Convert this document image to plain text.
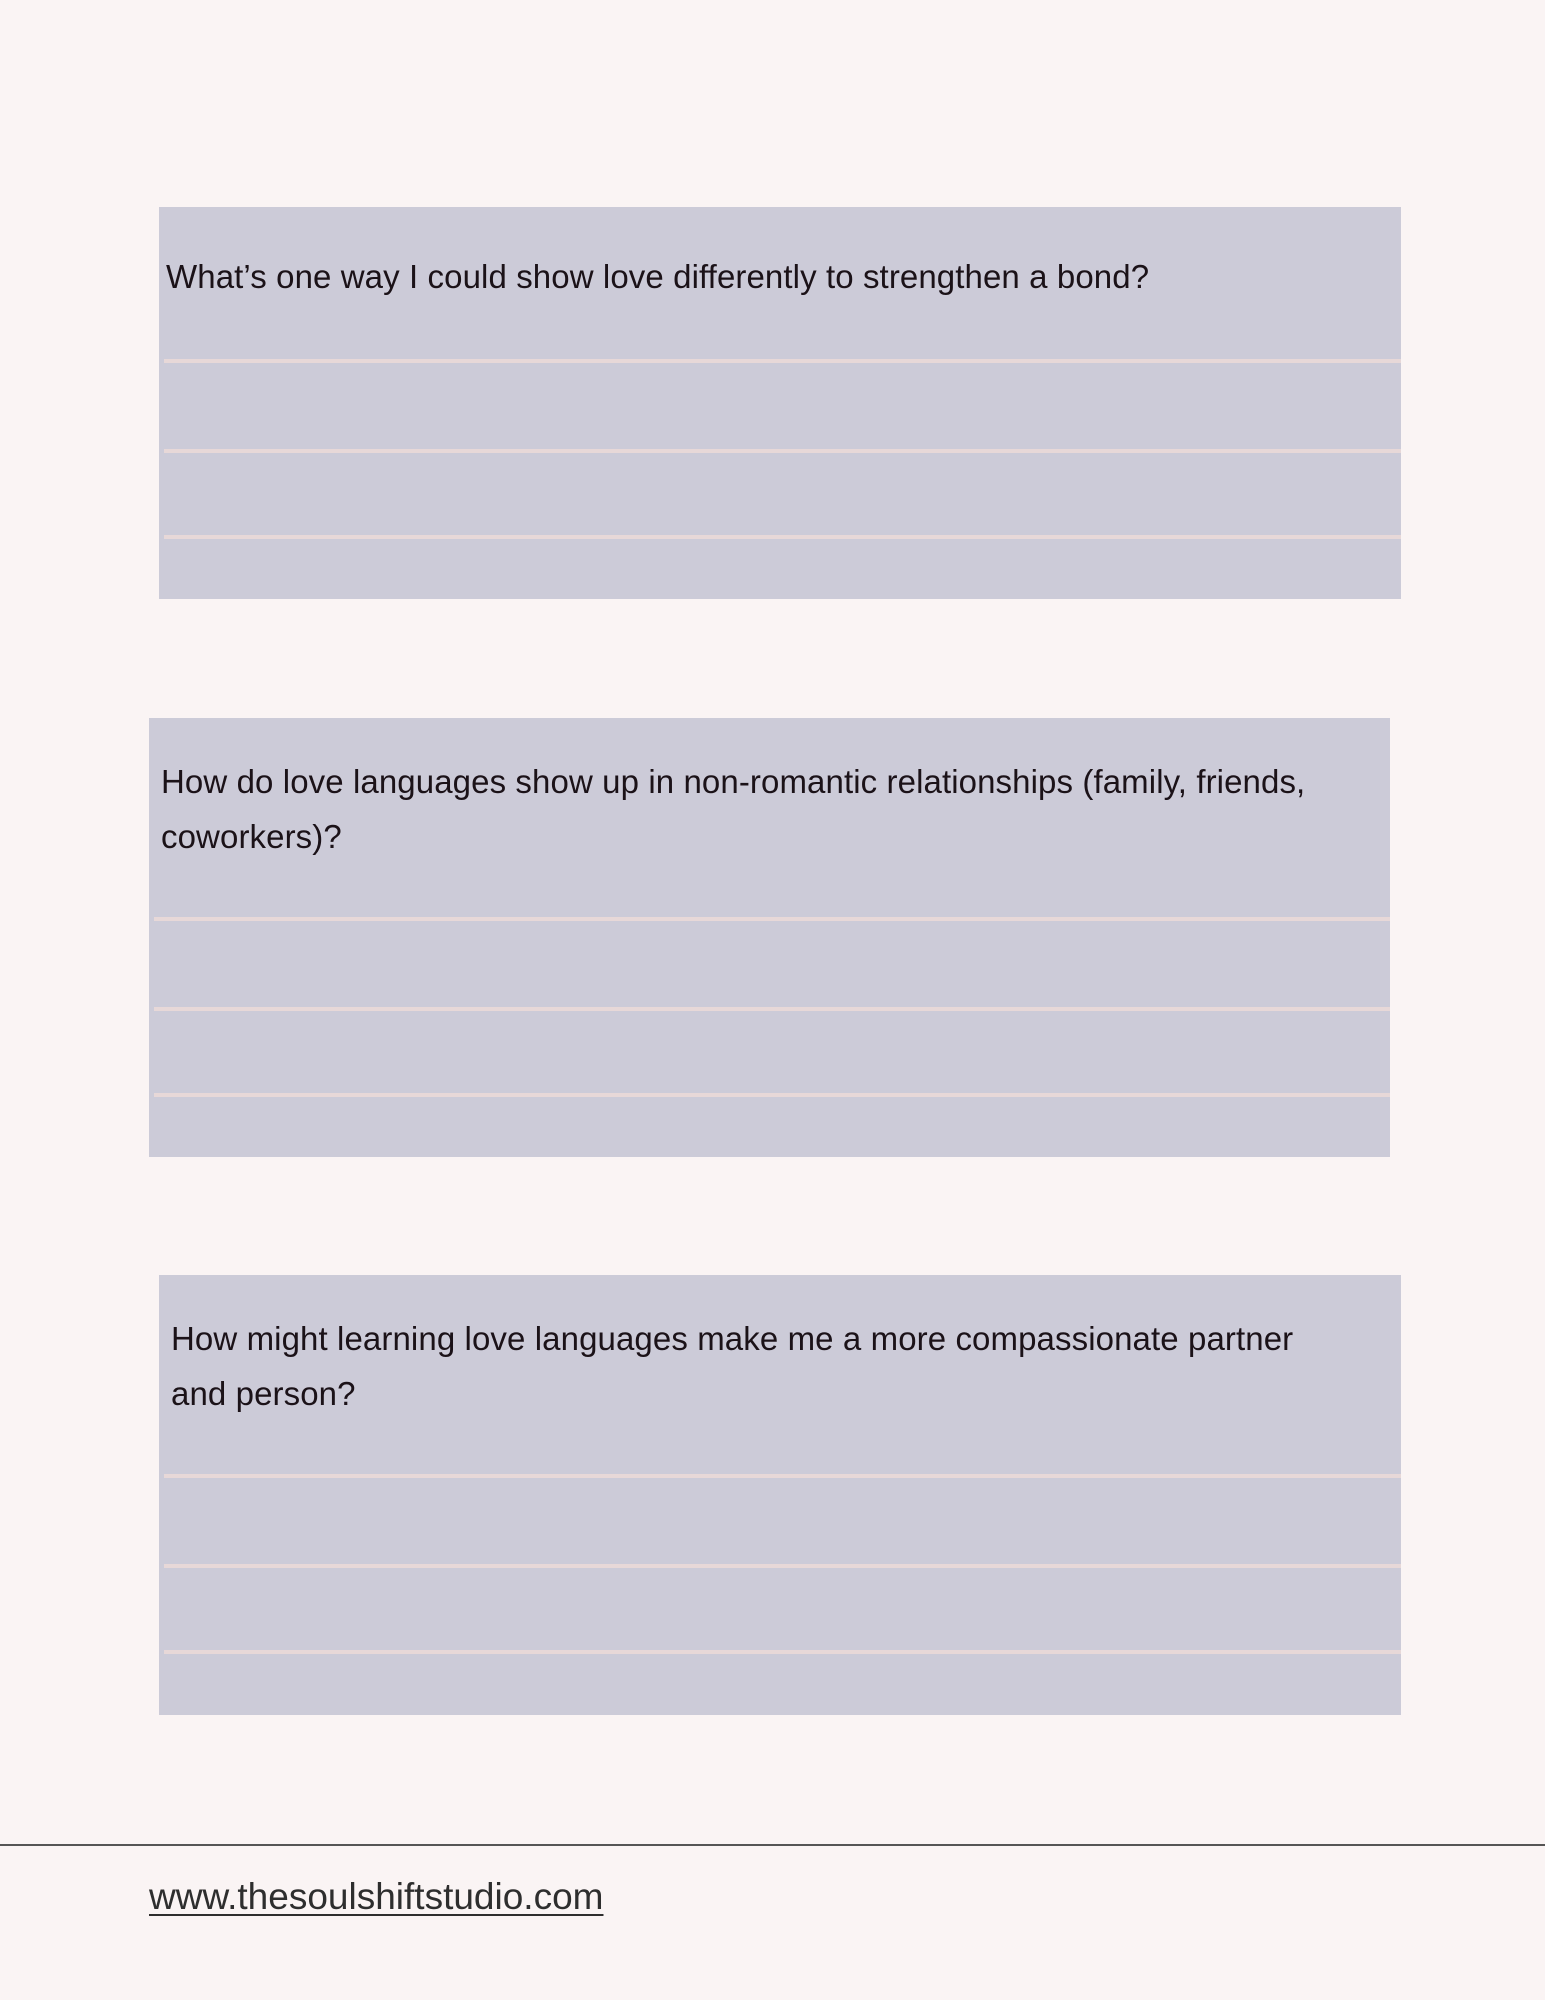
What’s one way I could show love differently to strengthen a bond?

How do love languages show up in non-romantic relationships (family, friends, coworkers)?

How might learning love languages make me a more compassionate partner and person?

www.thesoulshiftstudio.com
